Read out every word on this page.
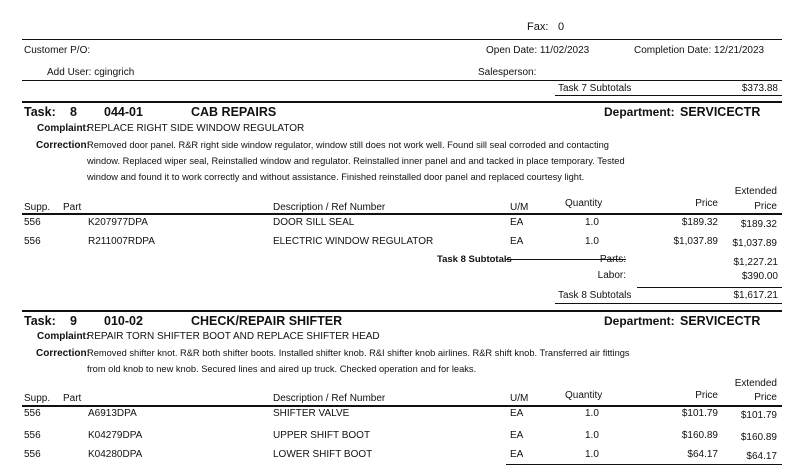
Fax: 0
Customer P/O:	Open Date: 11/02/2023	Completion Date: 12/21/2023
Add User: cgingrich	Salesperson:
Task 7 Subtotals	$373.88
Task: 8 044-01	CAB REPAIRS	Department: SERVICECTR
Complaint:
REPLACE RIGHT SIDE WINDOW REGULATOR
Correction:
Removed door panel. R&R right side window regulator, window still does not work well. Found sill seal corroded and contacting
window. Replaced wiper seal, Reinstalled window and regulator. Reinstalled inner panel and and tacked in place temporary. Tested
window and found it to work correctly and without assistance. Finished reinstalled door panel and replaced courtesy light.
Supp. Part	Description / Ref Number	U/M	Quantity	Price
Extended
Price
556	K207977DPA	DOOR SILL SEAL	EA	1.0	$189.32	$189.32
556	R211007RDPA	ELECTRIC WINDOW REGULATOR	EA	1.0	$1,037.89	$1,037.89
Task 8 Subtotals	Parts:	$1,227.21
Labor:	$390.00
Task 8 Subtotals	$1,617.21
Task: 9 010-02	CHECK/REPAIR SHIFTER	Department: SERVICECTR
Complaint:
REPAIR TORN SHIFTER BOOT AND REPLACE SHIFTER HEAD
Correction:
Removed shifter knot. R&R both shifter boots. Installed shifter knob. R&I shifter knob airlines. R&R shift knob. Transferred air fittings
from old knob to new knob. Secured lines and aired up truck. Checked operation and for leaks.
Supp. Part	Description / Ref Number	U/M	Quantity	Price
Extended
Price
556	A6913DPA	SHIFTER VALVE	EA	1.0	$101.79	$101.79
556	K04279DPA	UPPER SHIFT BOOT	EA	1.0	$160.89	$160.89
556	K04280DPA	LOWER SHIFT BOOT	EA	1.0	$64.17	$64.17
